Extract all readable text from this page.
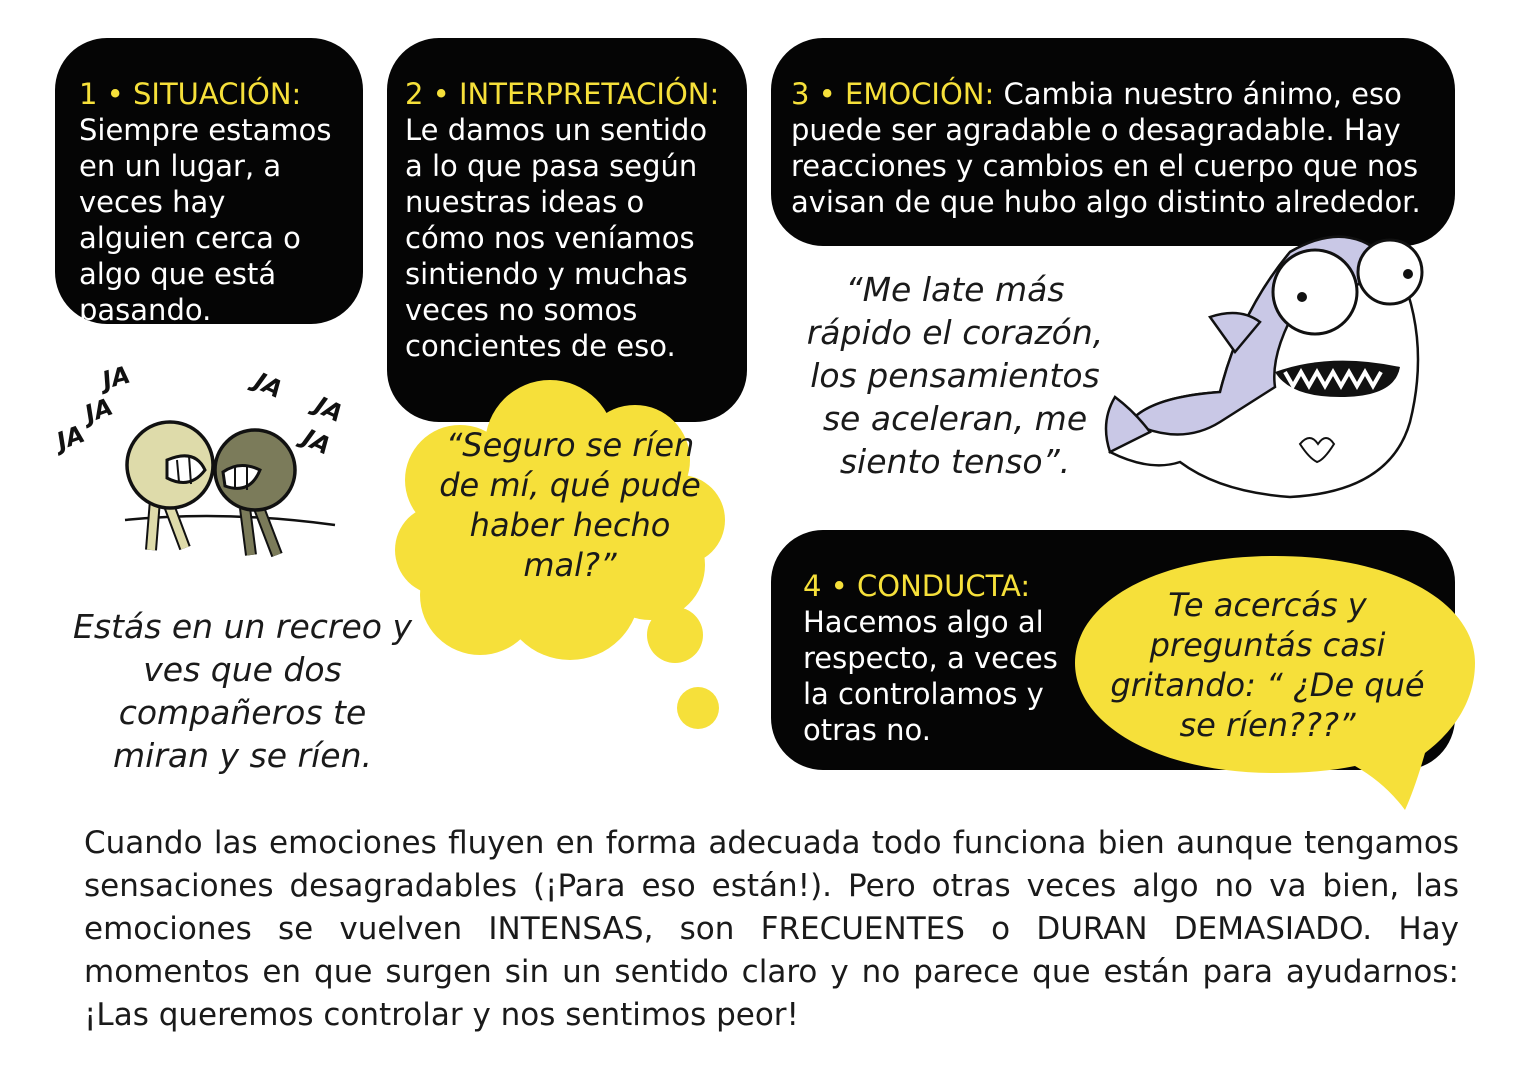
1 • SITUACIÓN: Siempre estamos en un lugar, a veces hay alguien cerca o algo que está pasando.
2 • INTERPRETACIÓN: Le damos un sentido a lo que pasa según nuestras ideas o cómo nos veníamos sintiendo y muchas veces no somos concientes de eso.
3 • EMOCIÓN: Cambia nuestro ánimo, eso puede ser agradable o desagradable. Hay reacciones y cambios en el cuerpo que nos avisan de que hubo algo distinto alrededor.
4 • CONDUCTA: Hacemos algo al respecto, a veces la controlamos y otras no.
JA
JA
JA
JA
JA
JA
Estás en un recreo y ves que dos compañeros te miran y se ríen.
“Seguro se ríen de mí, qué pude haber hecho mal?”
“Me late más rápido el corazón, los pensamientos se aceleran, me siento tenso”.
Te acercás y preguntás casi gritando: “ ¿De qué se ríen???”
Cuando las emociones fluyen en forma adecuada todo funciona bien aunque tengamos sensaciones desagradables (¡Para eso están!). Pero otras veces algo no va bien, las emociones se vuelven INTENSAS, son FRECUENTES o DURAN DEMASIADO. Hay momentos en que surgen sin un sentido claro y no parece que están para ayudarnos: ¡Las queremos controlar y nos sentimos peor!
